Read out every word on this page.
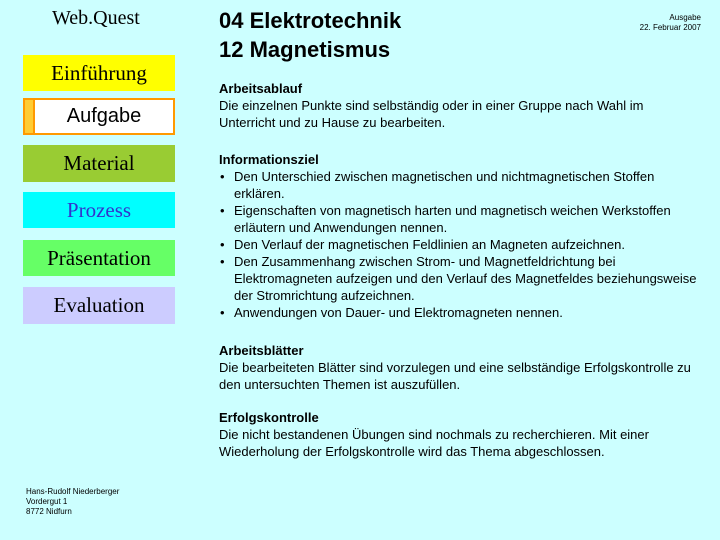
Web.Quest
Einführung
Aufgabe
Material
Prozess
Präsentation
Evaluation
04 Elektrotechnik
12 Magnetismus
Ausgabe
22. Februar 2007
Arbeitsablauf

Die einzelnen Punkte sind selbständig oder in einer Gruppe nach Wahl im Unterricht und zu Hause zu bearbeiten.

Informationsziel
• Den Unterschied zwischen magnetischen und nichtmagnetischen Stoffen erklären.
• Eigenschaften von magnetisch harten und magnetisch weichen Werkstoffen erläutern und Anwendungen nennen.
• Den Verlauf der magnetischen Feldlinien an Magneten aufzeichnen.
• Den Zusammenhang zwischen Strom- und Magnetfeldrichtung bei Elektromagneten aufzeigen und den Verlauf des Magnetfeldes beziehungsweise der Stromrichtung aufzeichnen.
• Anwendungen von Dauer- und Elektromagneten nennen.
Arbeitsblätter

Die bearbeiteten Blätter sind vorzulegen und eine selbständige Erfolgskontrolle zu den untersuchten Themen ist auszufüllen.

Erfolgskontrolle

Die nicht bestandenen Übungen sind nochmals zu recherchieren. Mit einer Wiederholung der Erfolgskontrolle wird das Thema abgeschlossen.

Hans-Rudolf Niederberger
Vordergut 1
8772 Nidfurn
